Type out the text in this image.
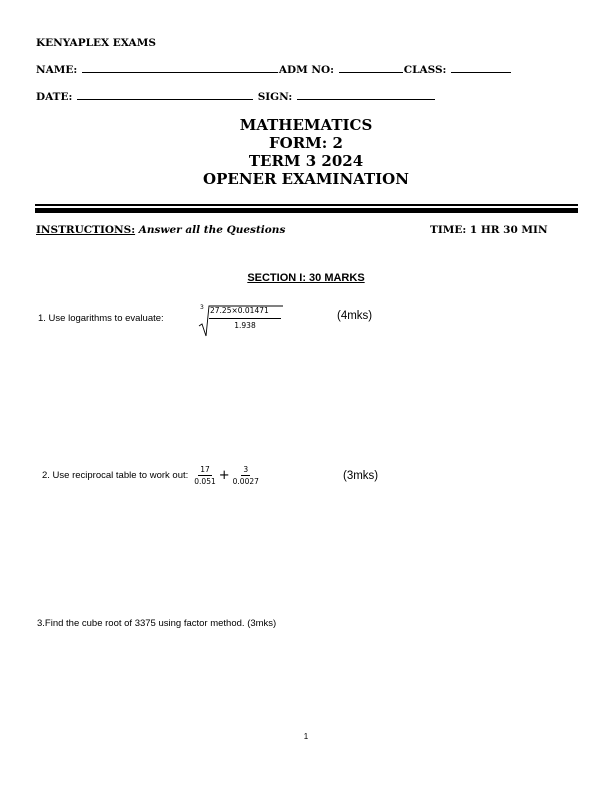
KENYAPLEX EXAMS
NAME:	ADM NO:	CLASS:
DATE:	SIGN:
MATHEMATICS
FORM: 2
TERM 3 2024
OPENER EXAMINATION
INSTRUCTIONS: Answer all the Questions	TIME: 1 HR 30 MIN
SECTION I: 30 MARKS
1. Use logarithms to evaluate:
3 27.25×0.01471
1.938
(4mks)
2. Use reciprocal table to work out: $\frac{17}{0.051} + \frac{3}{0.0027}$	(3mks)
3.Find the cube root of 3375 using factor method. (3mks)
1
